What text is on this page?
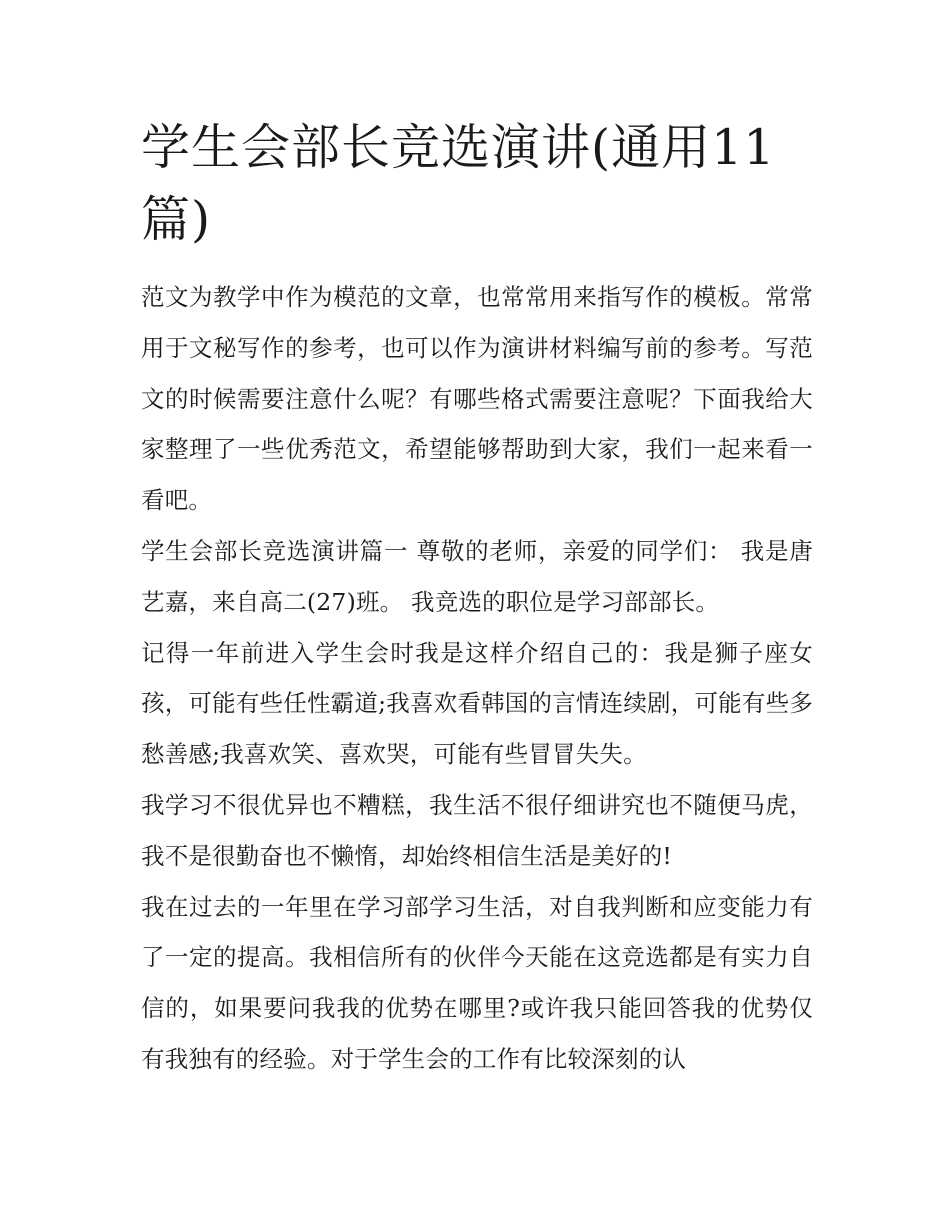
学生会部长竞选演讲(通用11篇)

范文为教学中作为模范的文章，也常常用来指写作的模板。常常用于文秘写作的参考，也可以作为演讲材料编写前的参考。写范文的时候需要注意什么呢？有哪些格式需要注意呢？下面我给大家整理了一些优秀范文，希望能够帮助到大家，我们一起来看一看吧。

学生会部长竞选演讲篇一 尊敬的老师，亲爱的同学们： 我是唐艺嘉，来自高二(27)班。 我竞选的职位是学习部部长。

记得一年前进入学生会时我是这样介绍自己的：我是狮子座女孩，可能有些任性霸道;我喜欢看韩国的言情连续剧，可能有些多愁善感;我喜欢笑、喜欢哭，可能有些冒冒失失。

我学习不很优异也不糟糕，我生活不很仔细讲究也不随便马虎，我不是很勤奋也不懒惰，却始终相信生活是美好的!

我在过去的一年里在学习部学习生活，对自我判断和应变能力有了一定的提高。我相信所有的伙伴今天能在这竞选都是有实力自信的，如果要问我我的优势在哪里?或许我只能回答我的优势仅有我独有的经验。对于学生会的工作有比较深刻的认
